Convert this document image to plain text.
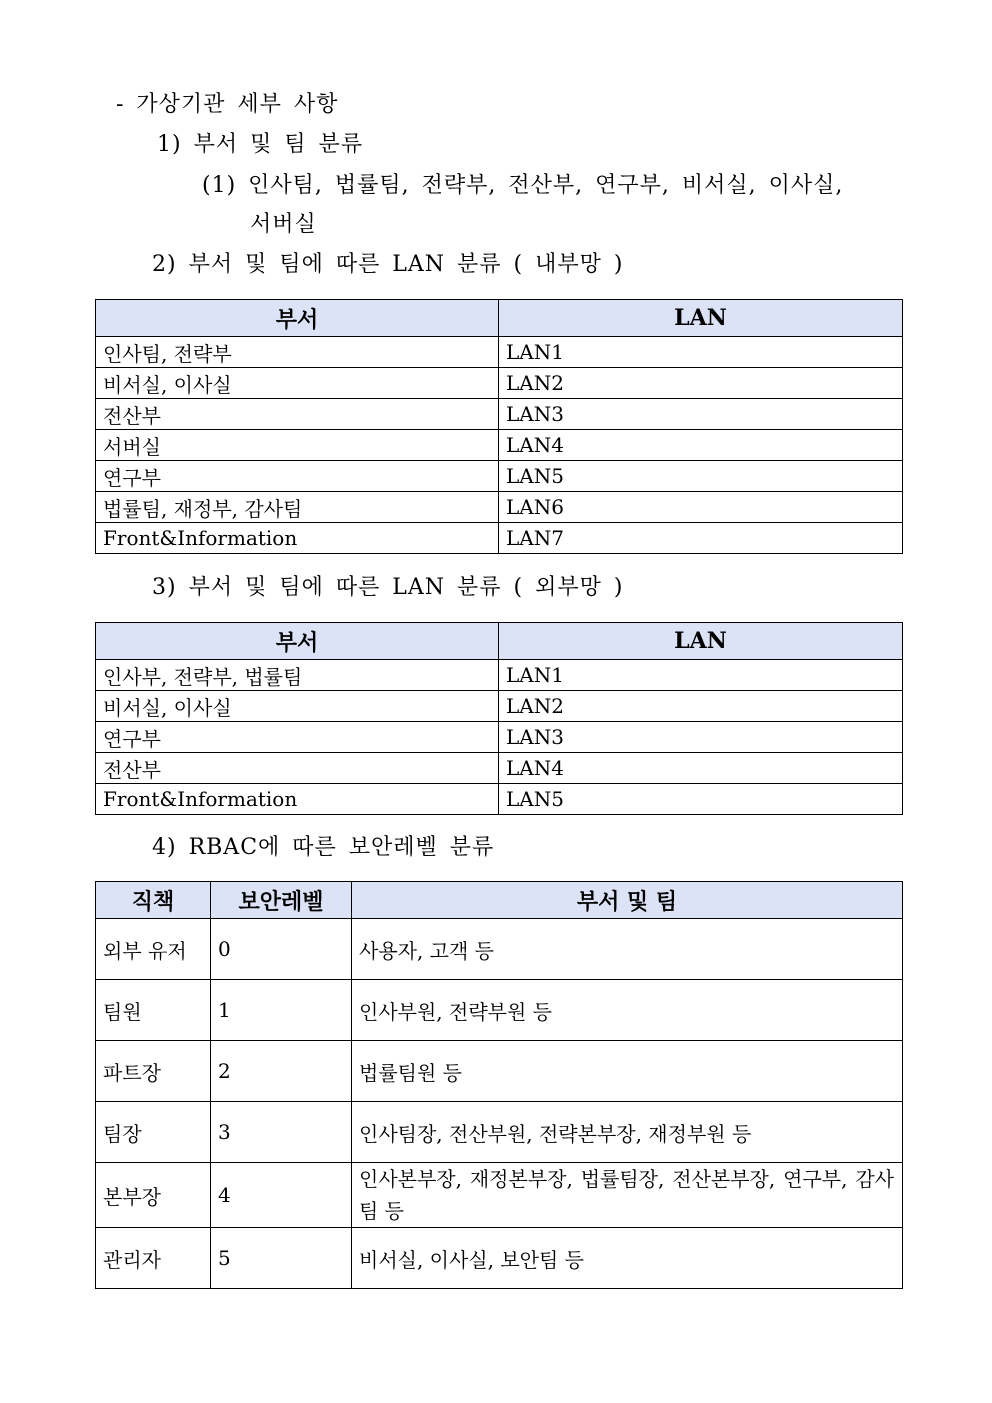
- 가상기관 세부 사항
1) 부서 및 팀 분류
(1) 인사팀, 법률팀, 전략부, 전산부, 연구부, 비서실, 이사실,
서버실
2) 부서 및 팀에 따른 LAN 분류 ( 내부망 )
부서	LAN
인사팀, 전략부	LAN1
비서실, 이사실	LAN2
전산부	LAN3
서버실	LAN4
연구부	LAN5
법률팀, 재정부, 감사팀	LAN6
Front&Information	LAN7
3) 부서 및 팀에 따른 LAN 분류 ( 외부망 )
부서	LAN
인사부, 전략부, 법률팀	LAN1
비서실, 이사실	LAN2
연구부	LAN3
전산부	LAN4
Front&Information	LAN5
4) RBAC에 따른 보안레벨 분류
직책	보안레벨	부서 및 팀
외부 유저	0	사용자, 고객 등
팀원	1	인사부원, 전략부원 등
파트장	2	법률팀원 등
팀장	3	인사팀장, 전산부원, 전략본부장, 재정부원 등
본부장	4	인사본부장, 재정본부장, 법률팀장, 전산본부장, 연구부, 감사팀 등
관리자	5	비서실, 이사실, 보안팀 등
